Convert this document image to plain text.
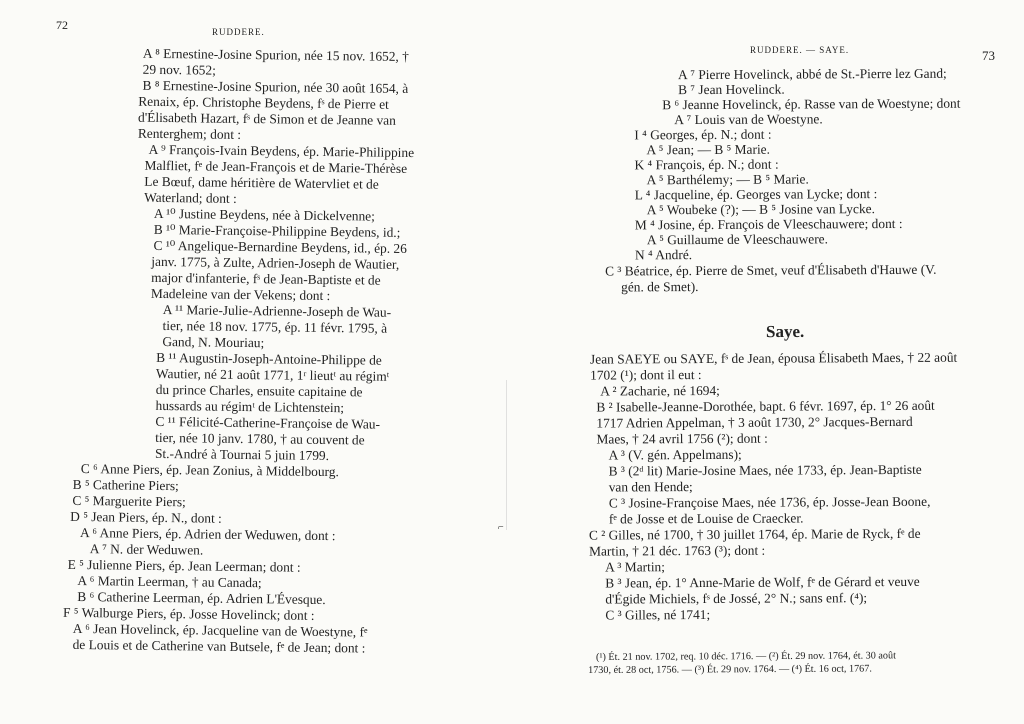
72	RUDDERE.
A ⁸ Ernestine-Josine Spurion, née 15 nov. 1652, †
29 nov. 1652;
B ⁸ Ernestine-Josine Spurion, née 30 août 1654, à
Renaix, ép. Christophe Beydens, fˢ de Pierre et
d'Élisabeth Hazart, fˢ de Simon et de Jeanne van
Renterghem; dont :
A ⁹ François-Ivain Beydens, ép. Marie-Philippine
Malfliet, fᵉ de Jean-François et de Marie-Thérèse
Le Bœuf, dame héritière de Watervliet et de
Waterland; dont :
A ¹⁰ Justine Beydens, née à Dickelvenne;
B ¹⁰ Marie-Françoise-Philippine Beydens, id.;
C ¹⁰ Angelique-Bernardine Beydens, id., ép. 26
janv. 1775, à Zulte, Adrien-Joseph de Wautier,
major d'infanterie, fˢ de Jean-Baptiste et de
Madeleine van der Vekens; dont :
A ¹¹ Marie-Julie-Adrienne-Joseph de Wau-
tier, née 18 nov. 1775, ép. 11 févr. 1795, à
Gand, N. Mouriau;
B ¹¹ Augustin-Joseph-Antoine-Philippe de
Wautier, né 21 août 1771, 1ʳ lieutᵗ au régimᵗ
du prince Charles, ensuite capitaine de
hussards au régimᵗ de Lichtenstein;
C ¹¹ Félicité-Catherine-Françoise de Wau-
tier, née 10 janv. 1780, † au couvent de
St.-André à Tournai 5 juin 1799.
C ⁶ Anne Piers, ép. Jean Zonius, à Middelbourg.
B ⁵ Catherine Piers;
C ⁵ Marguerite Piers;
D ⁵ Jean Piers, ép. N., dont :
A ⁶ Anne Piers, ép. Adrien der Weduwen, dont :
A ⁷ N. der Weduwen.
E ⁵ Julienne Piers, ép. Jean Leerman; dont :
A ⁶ Martin Leerman, † au Canada;
B ⁶ Catherine Leerman, ép. Adrien L'Évesque.
F ⁵ Walburge Piers, ép. Josse Hovelinck; dont :
A ⁶ Jean Hovelinck, ép. Jacqueline van de Woestyne, fᵉ
de Louis et de Catherine van Butsele, fᵉ de Jean; dont :
⌐
73
RUDDERE. — SAYE.
A ⁷ Pierre Hovelinck, abbé de St.-Pierre lez Gand;
B ⁷ Jean Hovelinck.
B ⁶ Jeanne Hovelinck, ép. Rasse van de Woestyne; dont
A ⁷ Louis van de Woestyne.
I ⁴ Georges, ép. N.; dont :
A ⁵ Jean; — B ⁵ Marie.
K ⁴ François, ép. N.; dont :
A ⁵ Barthélemy; — B ⁵ Marie.
L ⁴ Jacqueline, ép. Georges van Lycke; dont :
A ⁵ Woubeke (?); — B ⁵ Josine van Lycke.
M ⁴ Josine, ép. François de Vleeschauwere; dont :
A ⁵ Guillaume de Vleeschauwere.
N ⁴ André.
C ³ Béatrice, ép. Pierre de Smet, veuf d'Élisabeth d'Hauwe (V.
gén. de Smet).
Saye.
Jean SAEYE ou SAYE, fˢ de Jean, épousa Élisabeth Maes, † 22 août
1702 (¹); dont il eut :
A ² Zacharie, né 1694;
B ² Isabelle-Jeanne-Dorothée, bapt. 6 févr. 1697, ép. 1° 26 août
1717 Adrien Appelman, † 3 août 1730, 2° Jacques-Bernard
Maes, † 24 avril 1756 (²); dont :
A ³ (V. gén. Appelmans);
B ³ (2ᵈ lit) Marie-Josine Maes, née 1733, ép. Jean-Baptiste
van den Hende;
C ³ Josine-Françoise Maes, née 1736, ép. Josse-Jean Boone,
fᵉ de Josse et de Louise de Craecker.
C ² Gilles, né 1700, † 30 juillet 1764, ép. Marie de Ryck, fᵉ de
Martin, † 21 déc. 1763 (³); dont :
A ³ Martin;
B ³ Jean, ép. 1° Anne-Marie de Wolf, fᵉ de Gérard et veuve
d'Égide Michiels, fˢ de Jossé, 2° N.; sans enf. (⁴);
C ³ Gilles, né 1741;
(¹) Ét. 21 nov. 1702, req. 10 déc. 1716. — (²) Ét. 29 nov. 1764, ét. 30 août
1730, ét. 28 oct, 1756. — (³) Ét. 29 nov. 1764. — (⁴) Ét. 16 oct, 1767.
